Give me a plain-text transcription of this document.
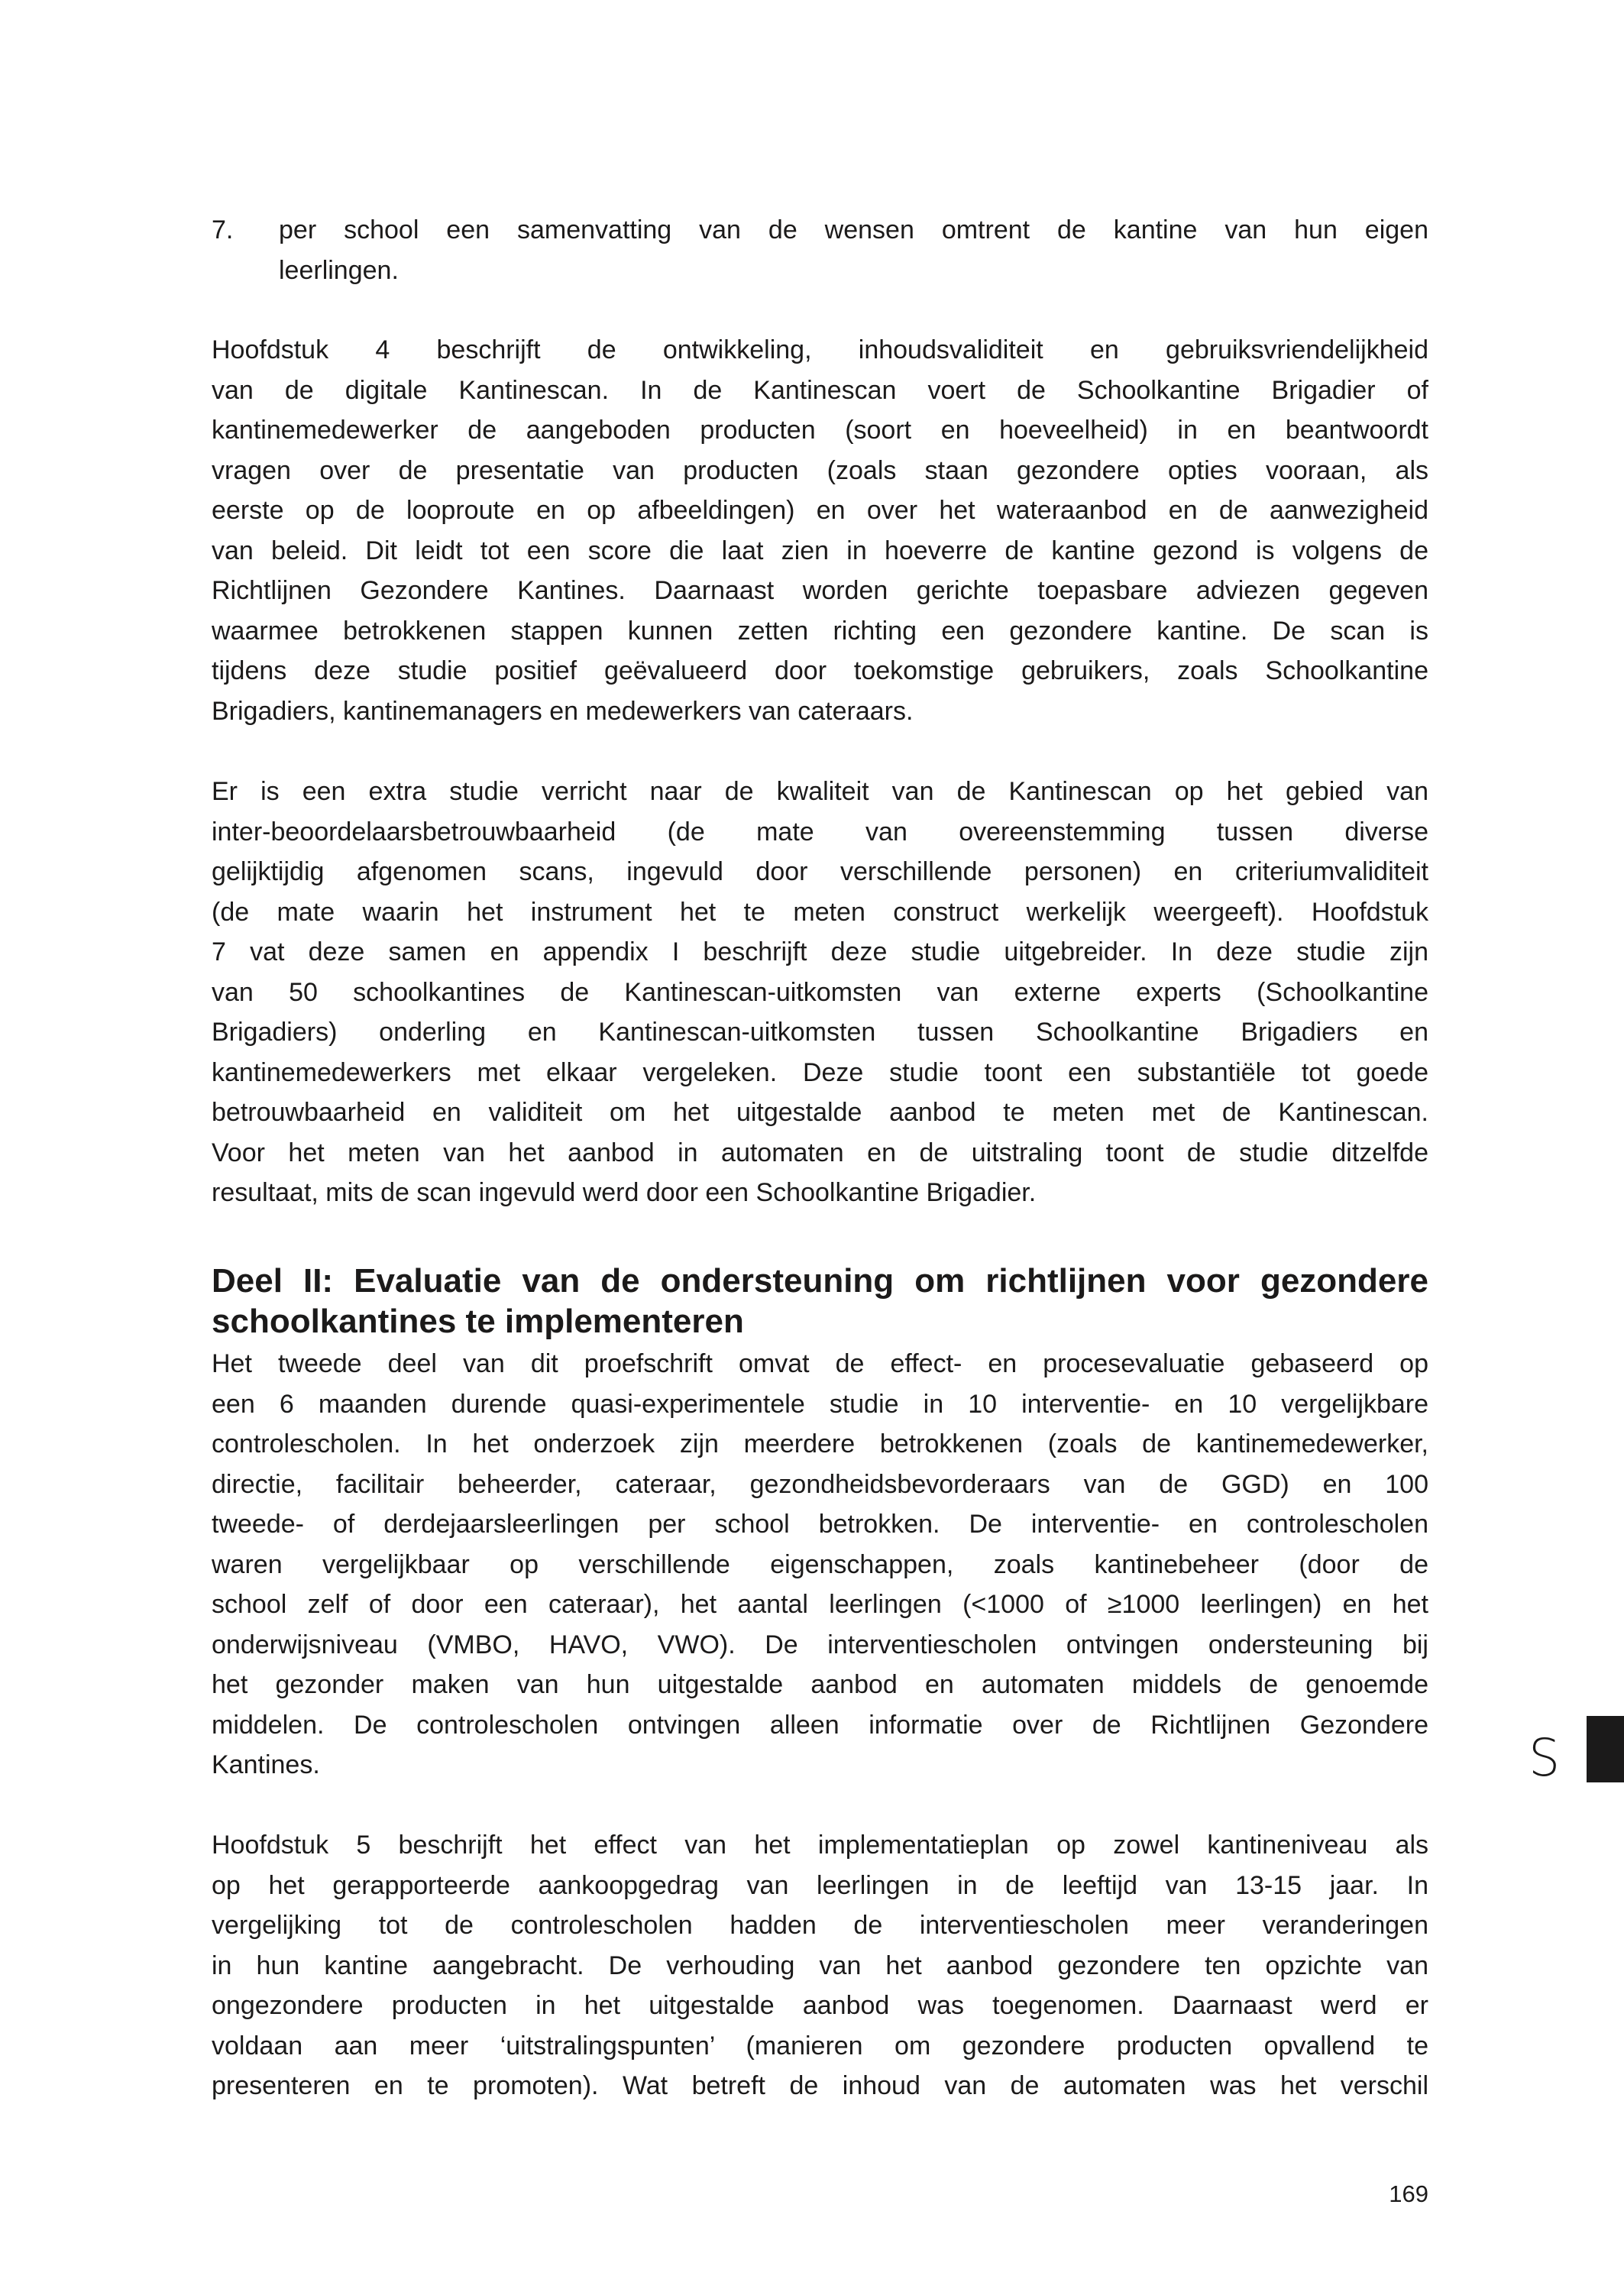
7. per school een samenvatting van de wensen omtrent de kantine van hun eigen
leerlingen.
Hoofdstuk 4 beschrijft de ontwikkeling, inhoudsvaliditeit en gebruiksvriendelijkheid
van de digitale Kantinescan. In de Kantinescan voert de Schoolkantine Brigadier of
kantinemedewerker de aangeboden producten (soort en hoeveelheid) in en beantwoordt
vragen over de presentatie van producten (zoals staan gezondere opties vooraan, als
eerste op de looproute en op afbeeldingen) en over het wateraanbod en de aanwezigheid
van beleid. Dit leidt tot een score die laat zien in hoeverre de kantine gezond is volgens de
Richtlijnen Gezondere Kantines. Daarnaast worden gerichte toepasbare adviezen gegeven
waarmee betrokkenen stappen kunnen zetten richting een gezondere kantine. De scan is
tijdens deze studie positief geëvalueerd door toekomstige gebruikers, zoals Schoolkantine
Brigadiers, kantinemanagers en medewerkers van cateraars.
Er is een extra studie verricht naar de kwaliteit van de Kantinescan op het gebied van
inter-beoordelaarsbetrouwbaarheid (de mate van overeenstemming tussen diverse
gelijktijdig afgenomen scans, ingevuld door verschillende personen) en criteriumvaliditeit
(de mate waarin het instrument het te meten construct werkelijk weergeeft). Hoofdstuk
7 vat deze samen en appendix I beschrijft deze studie uitgebreider. In deze studie zijn
van 50 schoolkantines de Kantinescan-uitkomsten van externe experts (Schoolkantine
Brigadiers) onderling en Kantinescan-uitkomsten tussen Schoolkantine Brigadiers en
kantinemedewerkers met elkaar vergeleken. Deze studie toont een substantiële tot goede
betrouwbaarheid en validiteit om het uitgestalde aanbod te meten met de Kantinescan.
Voor het meten van het aanbod in automaten en de uitstraling toont de studie ditzelfde
resultaat, mits de scan ingevuld werd door een Schoolkantine Brigadier.
Deel II: Evaluatie van de ondersteuning om richtlijnen voor gezondere
schoolkantines te implementeren
Het tweede deel van dit proefschrift omvat de effect- en procesevaluatie gebaseerd op
een 6 maanden durende quasi-experimentele studie in 10 interventie- en 10 vergelijkbare
controlescholen. In het onderzoek zijn meerdere betrokkenen (zoals de kantinemedewerker,
directie, facilitair beheerder, cateraar, gezondheidsbevorderaars van de GGD) en 100
tweede- of derdejaarsleerlingen per school betrokken. De interventie- en controlescholen
waren vergelijkbaar op verschillende eigenschappen, zoals kantinebeheer (door de
school zelf of door een cateraar), het aantal leerlingen (<1000 of ≥1000 leerlingen) en het
onderwijsniveau (VMBO, HAVO, VWO). De interventiescholen ontvingen ondersteuning bij
het gezonder maken van hun uitgestalde aanbod en automaten middels de genoemde
middelen. De controlescholen ontvingen alleen informatie over de Richtlijnen Gezondere
Kantines.
Hoofdstuk 5 beschrijft het effect van het implementatieplan op zowel kantineniveau als
op het gerapporteerde aankoopgedrag van leerlingen in de leeftijd van 13-15 jaar. In
vergelijking tot de controlescholen hadden de interventiescholen meer veranderingen
in hun kantine aangebracht. De verhouding van het aanbod gezondere ten opzichte van
ongezondere producten in het uitgestalde aanbod was toegenomen. Daarnaast werd er
voldaan aan meer ‘uitstralingspunten’ (manieren om gezondere producten opvallend te
presenteren en te promoten). Wat betreft de inhoud van de automaten was het verschil
S
169
